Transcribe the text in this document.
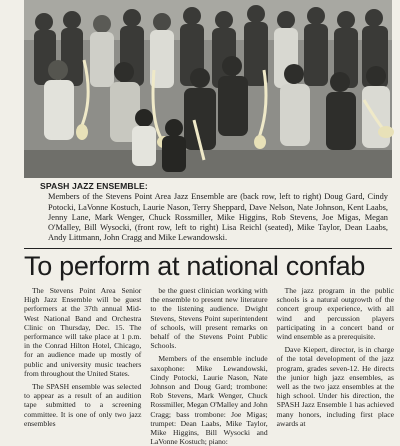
SPASH JAZZ ENSEMBLE:
Members of the Stevens Point Area Jazz Ensemble are (back row, left to right) Doug Gard, Cindy Potocki, LaVonne Kostuch, Laurie Nason, Terry Sheppard, Dave Nelson, Nate Johnson, Kent Laabs, Jenny Lane, Mark Wenger, Chuck Rossmiller, Mike Higgins, Rob Stevens, Joe Migas, Megan O'Malley, Bill Wysocki, (front row, left to right) Lisa Reichl (seated), Mike Taylor, Dean Laabs, Andy Littmann, John Cragg and Mike Lewandowski.
To perform at national confab

The Stevens Point Area Senior High Jazz Ensemble will be guest performers at the 37th annual Mid-West National Band and Orchestra Clinic on Thursday, Dec. 15. The performance will take place at 1 p.m. in the Conrad Hilton Hotel, Chicago, for an audience made up mostly of public and university music teachers from throughout the United States.

The SPASH ensemble was selected to appear as a result of an audition tape submitted to a screening committee. It is one of only two jazz ensembles

be the guest clinician working with the ensemble to present new literature to the listening audience. Dwight Stevens, Stevens Point superintendent of schools, will present remarks on behalf of the Stevens Point Public Schools.

Members of the ensemble include saxophone: Mike Lewandowski, Cindy Potocki, Laurie Nason, Nate Johnson and Doug Gard; trombone: Rob Stevens, Mark Wenger, Chuck Rossmiller, Megan O'Malley and John Cragg; bass trombone: Joe Migas; trumpet: Dean Laabs, Mike Taylor, Mike Higgins, Bill Wysocki and LaVonne Kostuch; piano:

The jazz program in the public schools is a natural outgrowth of the concert group experience, with all wind and percussion players participating in a concert band or wind ensemble as a prerequisite.

Dave Kiepert, director, is in charge of the total development of the jazz program, grades seven-12. He directs the junior high jazz ensembles, as well as the two jazz ensembles at the high school. Under his direction, the SPASH Jazz Ensemble 1 has achieved many honors, including first place awards at
